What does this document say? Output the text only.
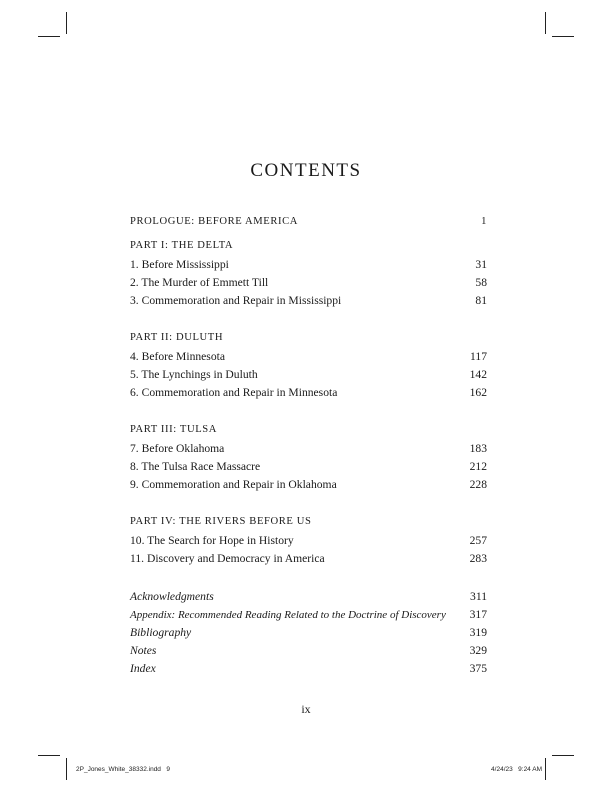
CONTENTS
PROLOGUE: BEFORE AMERICA	1
PART I: THE DELTA
1. Before Mississippi	31
2. The Murder of Emmett Till	58
3. Commemoration and Repair in Mississippi	81
PART II: DULUTH
4. Before Minnesota	117
5. The Lynchings in Duluth	142
6. Commemoration and Repair in Minnesota	162
PART III: TULSA
7. Before Oklahoma	183
8. The Tulsa Race Massacre	212
9. Commemoration and Repair in Oklahoma	228
PART IV: THE RIVERS BEFORE US
10. The Search for Hope in History	257
11. Discovery and Democracy in America	283
Acknowledgments	311
Appendix: Recommended Reading Related to the Doctrine of Discovery 317
Bibliography	319
Notes	329
Index	375
ix
2P_Jones_White_38332.indd   9	4/24/23   9:24 AM
